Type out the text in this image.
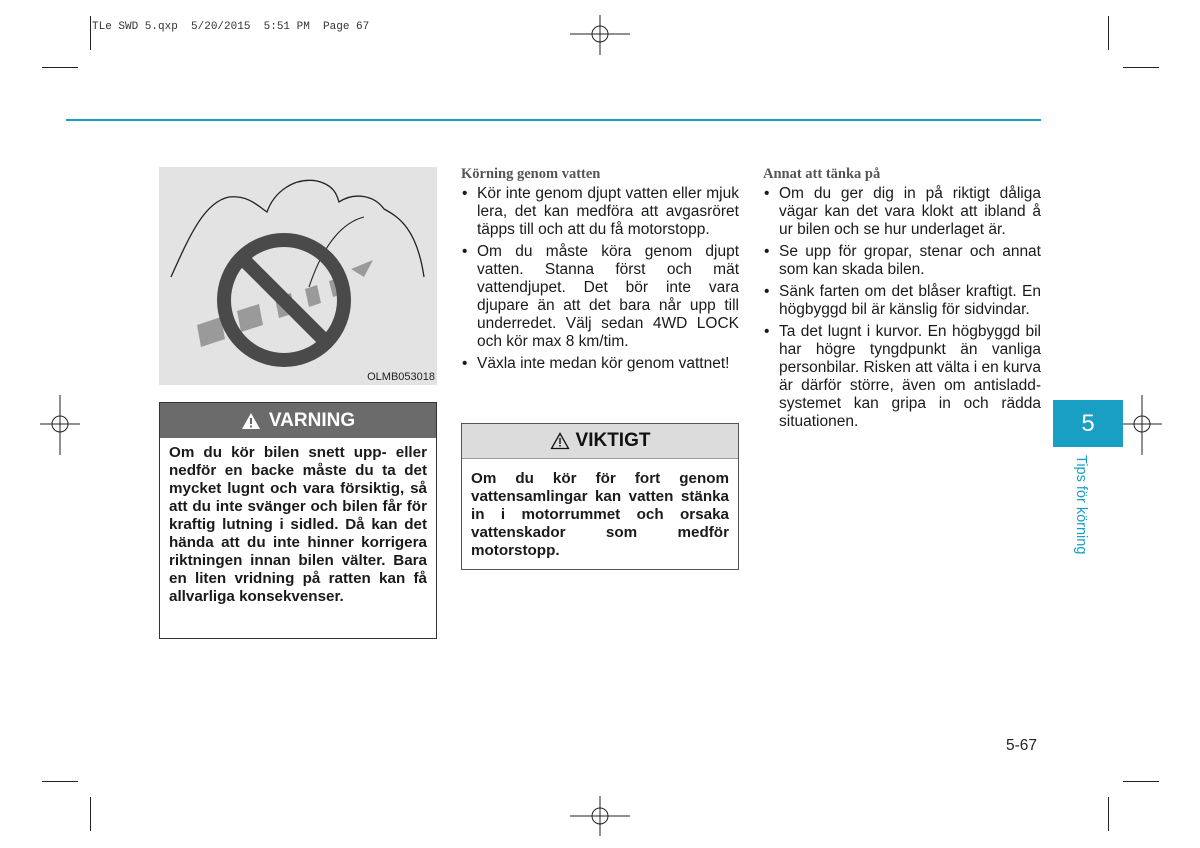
TLe SWD 5.qxp  5/20/2015  5:51 PM  Page 67
OLMB053018
VARNING
Om du kör bilen snett upp- eller nedför en backe måste du ta det mycket lugnt och vara försiktig, så att du inte svänger och bilen får för kraftig lutning i sidled. Då kan det hända att du inte hinner korrigera riktningen innan bilen välter. Bara en liten vridning på ratten kan få allvarliga konsekvenser.
Körning genom vatten
• Kör inte genom djupt vatten eller mjuk lera, det kan medföra att avgasröret täpps till och att du få motorstopp.
• Om du måste köra genom djupt vatten. Stanna först och mät vattendjupet. Det bör inte vara djupare än att det bara når upp till underredet. Välj sedan 4WD LOCK och kör max 8 km/tim.
• Växla inte medan kör genom vattnet!
VIKTIGT
Om du kör för fort genom vattensamlingar kan vatten stänka in i motorrummet och orsaka vattenskador som medför motorstopp.
Annat att tänka på
• Om du ger dig in på riktigt dåliga vägar kan det vara klokt att ibland å ur bilen och se hur underlaget är.
• Se upp för gropar, stenar och annat som kan skada bilen.
• Sänk farten om det blåser kraftigt. En högbyggd bil är känslig för sidvindar.
• Ta det lugnt i kurvor. En högbyggd bil har högre tyngdpunkt än vanliga personbilar. Risken att välta i en kurva är därför större, även om antisladd-systemet kan gripa in och rädda situationen.	5
Tips för körning
5-67
